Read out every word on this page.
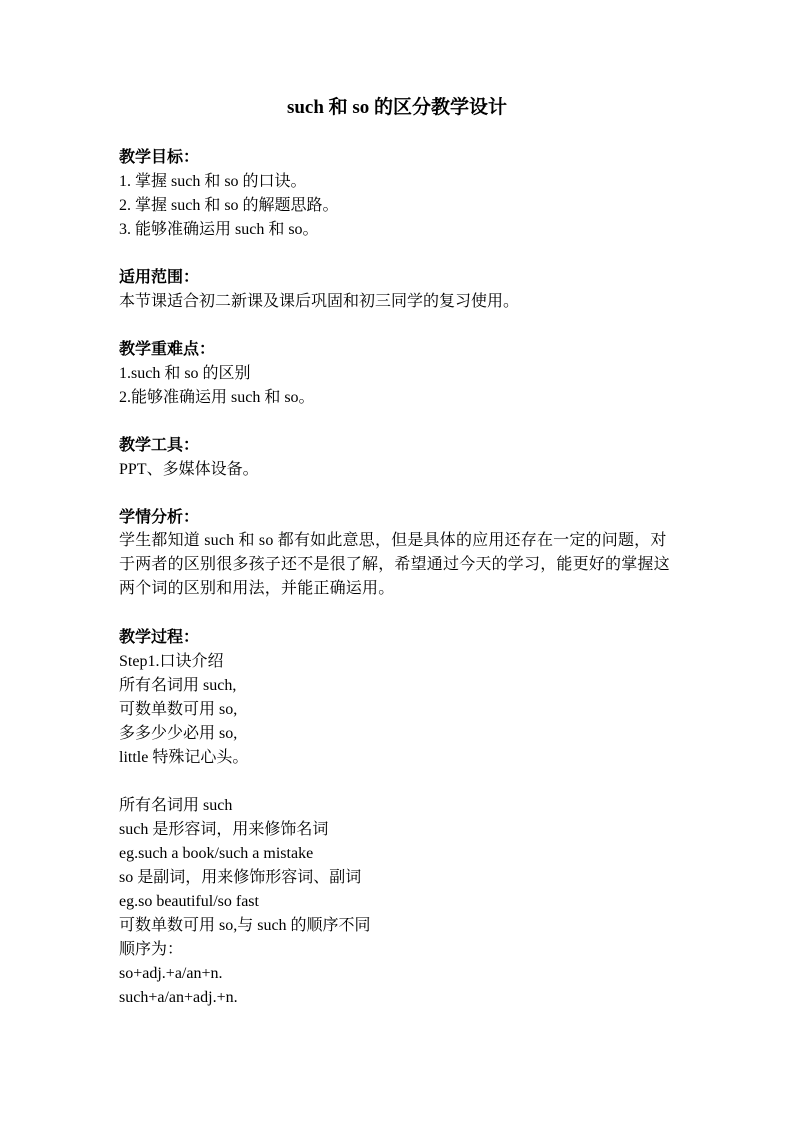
such 和 so 的区分教学设计
教学目标：
1. 掌握 such 和 so 的口诀。
2. 掌握 such 和 so 的解题思路。
3. 能够准确运用 such 和 so。
适用范围：
本节课适合初二新课及课后巩固和初三同学的复习使用。
教学重难点：
1.such 和 so 的区别
2.能够准确运用 such 和 so。
教学工具：
PPT、多媒体设备。
学情分析：
学生都知道 such 和 so 都有如此意思，但是具体的应用还存在一定的问题，对于两者的区别很多孩子还不是很了解，希望通过今天的学习，能更好的掌握这两个词的区别和用法，并能正确运用。
教学过程：
Step1.口诀介绍
所有名词用 such,
可数单数可用 so,
多多少少必用 so,
little 特殊记心头。
所有名词用 such
such 是形容词，用来修饰名词
eg.such a book/such a mistake
so 是副词，用来修饰形容词、副词
eg.so beautiful/so fast
可数单数可用 so,与 such 的顺序不同
顺序为：
so+adj.+a/an+n.
such+a/an+adj.+n.
